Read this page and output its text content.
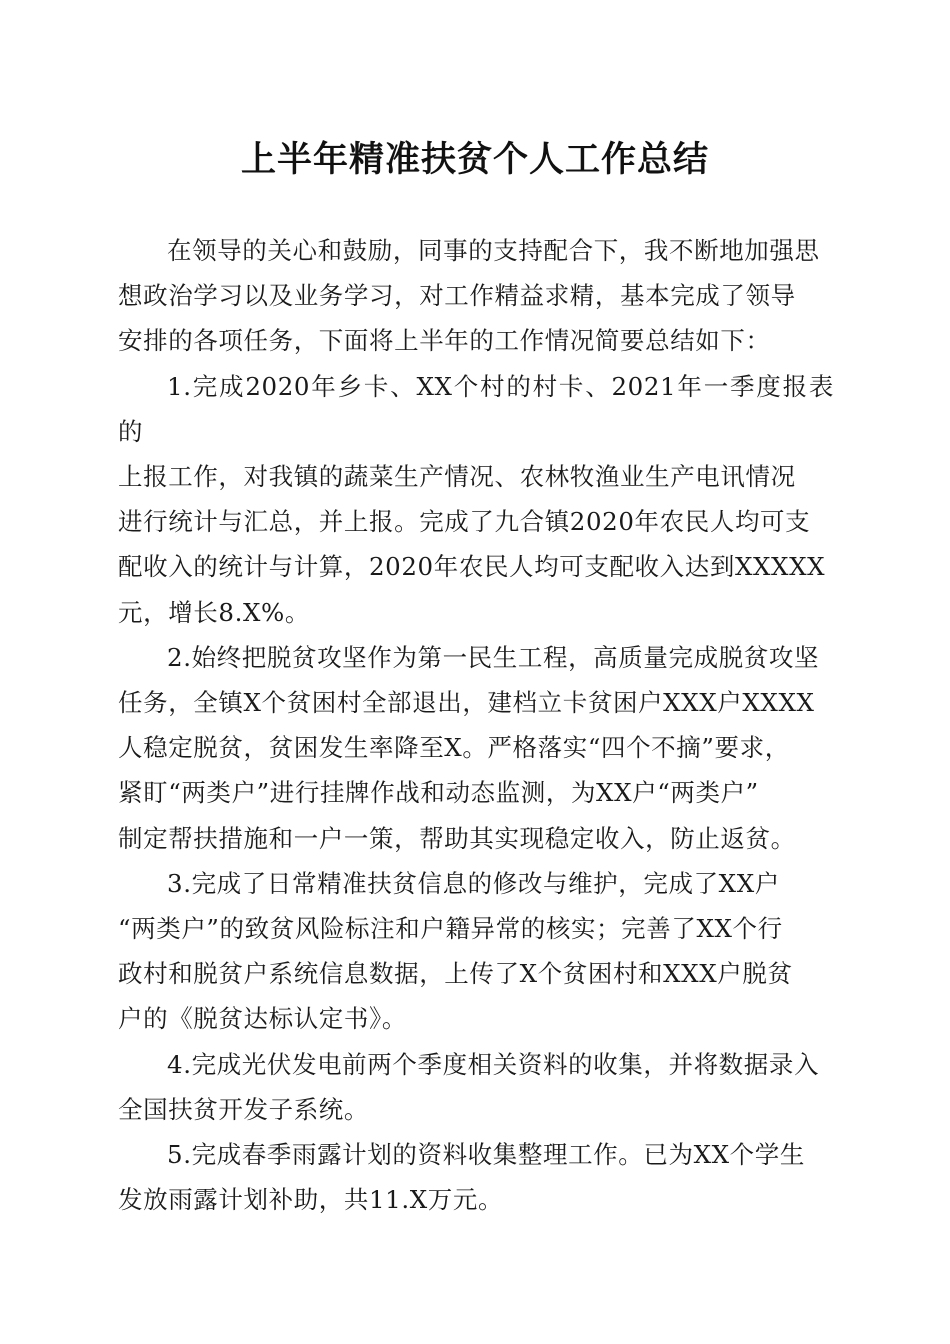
上半年精准扶贫个人工作总结

在领导的关心和鼓励，同事的支持配合下，我不断地加强思
想政治学习以及业务学习，对工作精益求精，基本完成了领导
安排的各项任务，下面将上半年的工作情况简要总结如下：

1.完成2020年乡卡、XX个村的村卡、2021年一季度报表的
上报工作，对我镇的蔬菜生产情况、农林牧渔业生产电讯情况
进行统计与汇总，并上报。完成了九合镇2020年农民人均可支
配收入的统计与计算，2020年农民人均可支配收入达到XXXXX
元，增长8.X%。

2.始终把脱贫攻坚作为第一民生工程，高质量完成脱贫攻坚
任务，全镇X个贫困村全部退出，建档立卡贫困户XXX户XXXX
人稳定脱贫，贫困发生率降至X。严格落实“四个不摘”要求，
紧盯“两类户”进行挂牌作战和动态监测，为XX户“两类户”
制定帮扶措施和一户一策，帮助其实现稳定收入，防止返贫。

3.完成了日常精准扶贫信息的修改与维护，完成了XX户
“两类户”的致贫风险标注和户籍异常的核实；完善了XX个行
政村和脱贫户系统信息数据，上传了X个贫困村和XXX户脱贫
户的《脱贫达标认定书》。

4.完成光伏发电前两个季度相关资料的收集，并将数据录入
全国扶贫开发子系统。

5.完成春季雨露计划的资料收集整理工作。已为XX个学生
发放雨露计划补助，共11.X万元。
